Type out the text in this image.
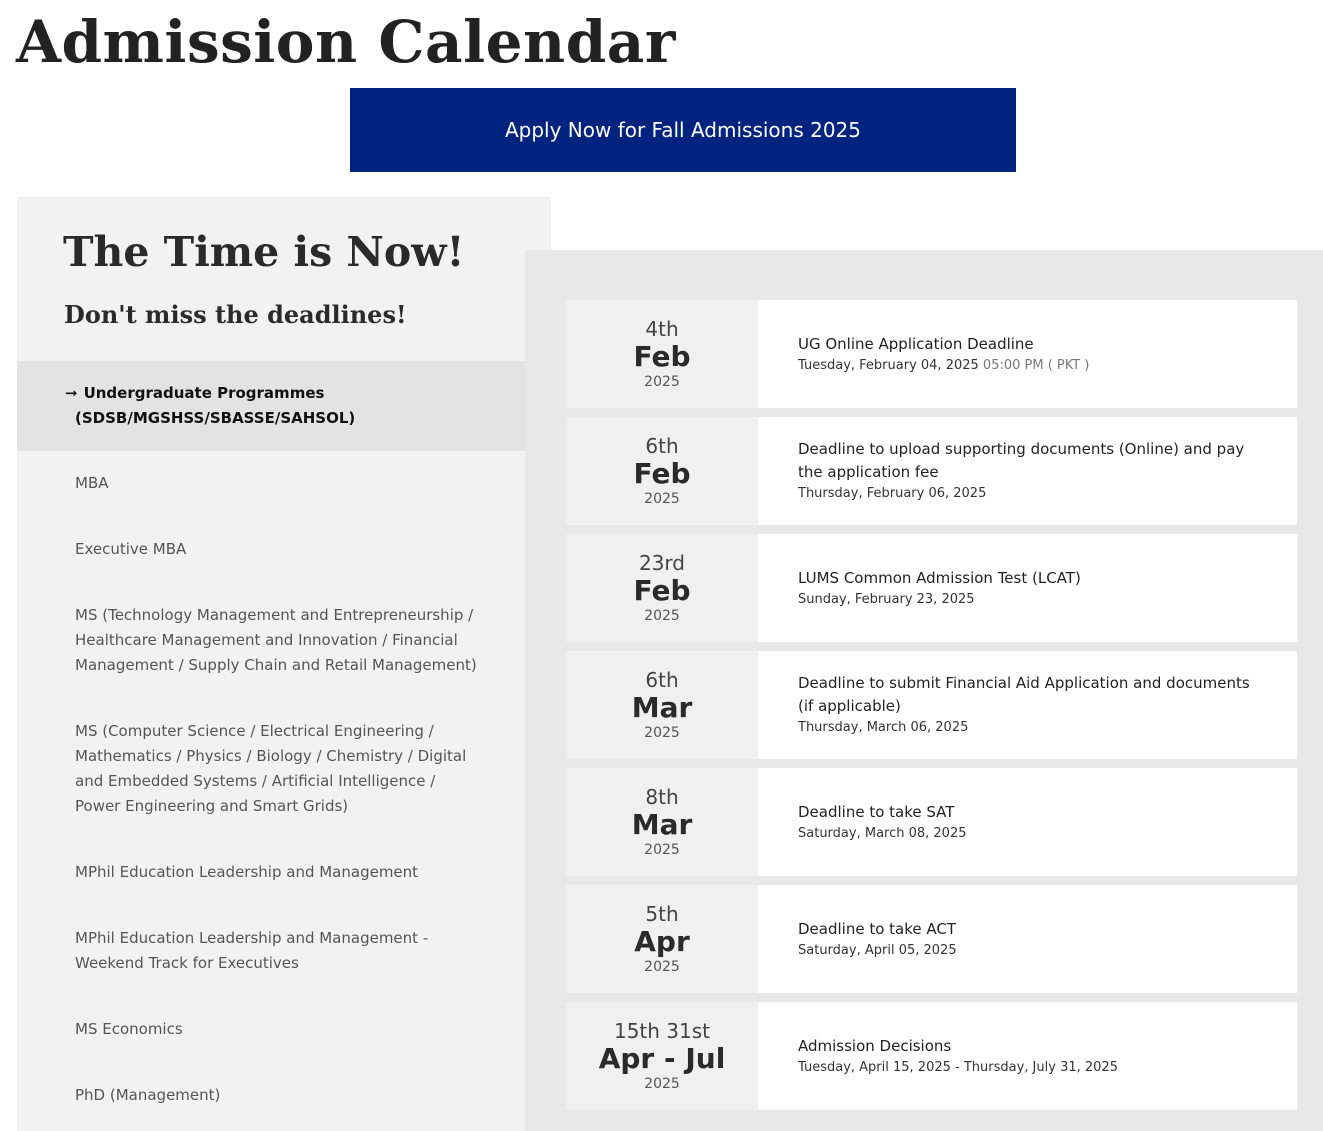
Admission Calendar
Apply Now for Fall Admissions 2025
The Time is Now!
Don't miss the deadlines!
➞ Undergraduate Programmes (SDSB/MGSHSS/SBASSE/SAHSOL)
MBA
Executive MBA
MS (Technology Management and Entrepreneurship / Healthcare Management and Innovation / Financial Management / Supply Chain and Retail Management)
MS (Computer Science / Electrical Engineering / Mathematics / Physics / Biology / Chemistry / Digital and Embedded Systems / Artificial Intelligence / Power Engineering and Smart Grids)
MPhil Education Leadership and Management
MPhil Education Leadership and Management - Weekend Track for Executives
MS Economics
PhD (Management)
4th
Feb
2025
UG Online Application Deadline
Tuesday, February 04, 2025 05:00 PM ( PKT )
6th
Feb
2025
Deadline to upload supporting documents (Online) and pay the application fee
Thursday, February 06, 2025
23rd
Feb
2025
LUMS Common Admission Test (LCAT)
Sunday, February 23, 2025
6th
Mar
2025
Deadline to submit Financial Aid Application and documents (if applicable)
Thursday, March 06, 2025
8th
Mar
2025
Deadline to take SAT
Saturday, March 08, 2025
5th
Apr
2025
Deadline to take ACT
Saturday, April 05, 2025
15th 31st
Apr - Jul
2025
Admission Decisions
Tuesday, April 15, 2025 - Thursday, July 31, 2025
